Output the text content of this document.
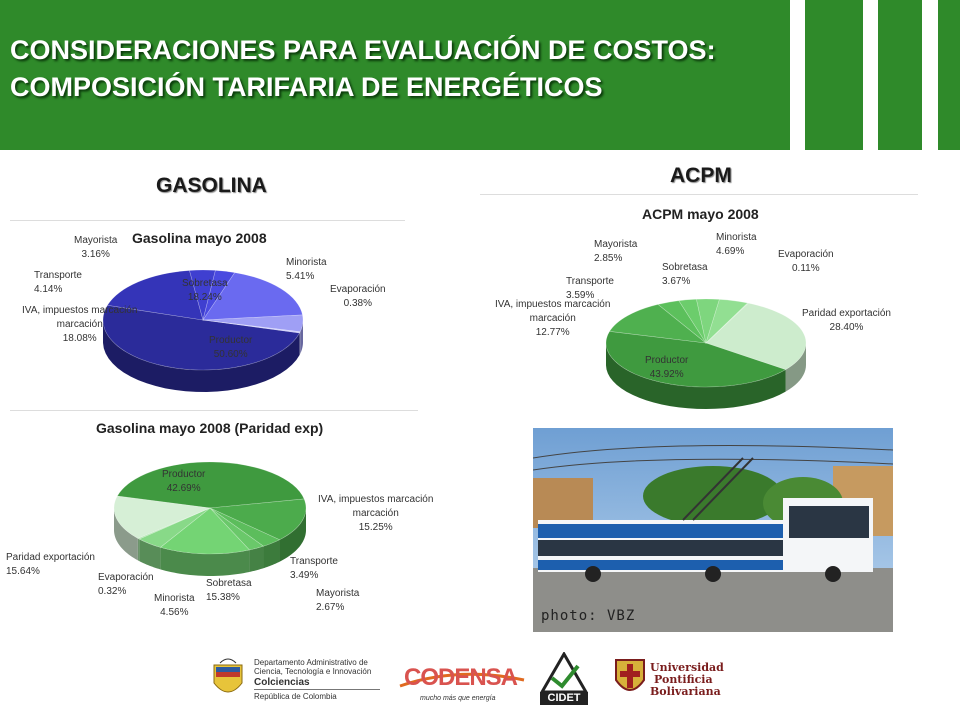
CONSIDERACIONES PARA EVALUACIÓN DE COSTOS: COMPOSICIÓN TARIFARIA DE ENERGÉTICOS
GASOLINA	ACPM
Gasolina mayo 2008
Mayorista
3.16%
Minorista
5.41%
Evaporación
0.38%
Transporte
4.14%
IVA, impuestos marcación
marcación
18.08%
Sobretasa
18.24%
Productor
50.60%
ACPM mayo 2008
Mayorista
2.85%
Minorista
4.69%	Evaporación
0.11%
Sobretasa
3.67%
Transporte
3.59%
IVA, impuestos marcación
marcación
12.77%
Paridad exportación
28.40%
Productor
43.92%
Gasolina mayo 2008 (Paridad exp)
Productor
42.69%
IVA, impuestos marcación
marcación
15.25%
Transporte
3.49%
Mayorista
2.67%
Sobretasa
15.38%
Minorista
4.56%
Evaporación
0.32%
Paridad exportación
15.64%
photo: VBZ
Departamento Administrativo de
Ciencia, Tecnología e Innovación
Colciencias
República de Colombia
CODENSA
mucho más que energía	CIDET
Universidad
Pontificia
Bolivariana
